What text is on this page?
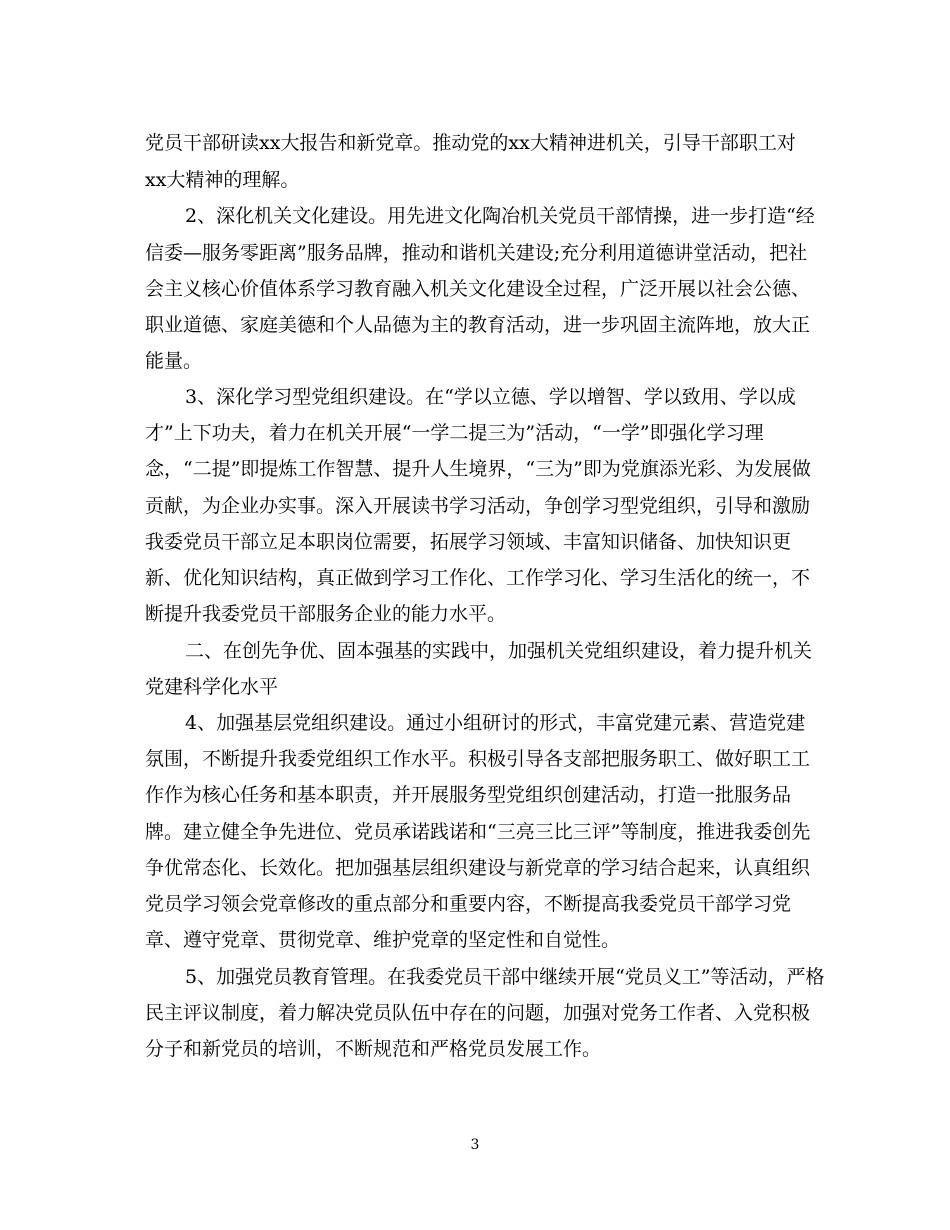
党员干部研读xx大报告和新党章。推动党的xx大精神进机关，引导干部职工对
xx大精神的理解。
2、深化机关文化建设。用先进文化陶冶机关党员干部情操，进一步打造“经
信委—服务零距离”服务品牌，推动和谐机关建设;充分利用道德讲堂活动，把社
会主义核心价值体系学习教育融入机关文化建设全过程，广泛开展以社会公德、
职业道德、家庭美德和个人品德为主的教育活动，进一步巩固主流阵地，放大正
能量。
3、深化学习型党组织建设。在“学以立德、学以增智、学以致用、学以成
才”上下功夫，着力在机关开展“一学二提三为”活动，“一学”即强化学习理
念，“二提”即提炼工作智慧、提升人生境界，“三为”即为党旗添光彩、为发展做
贡献，为企业办实事。深入开展读书学习活动，争创学习型党组织，引导和激励
我委党员干部立足本职岗位需要，拓展学习领域、丰富知识储备、加快知识更
新、优化知识结构，真正做到学习工作化、工作学习化、学习生活化的统一，不
断提升我委党员干部服务企业的能力水平。
二、在创先争优、固本强基的实践中，加强机关党组织建设，着力提升机关
党建科学化水平
4、加强基层党组织建设。通过小组研讨的形式，丰富党建元素、营造党建
氛围，不断提升我委党组织工作水平。积极引导各支部把服务职工、做好职工工
作作为核心任务和基本职责，并开展服务型党组织创建活动，打造一批服务品
牌。建立健全争先进位、党员承诺践诺和“三亮三比三评”等制度，推进我委创先
争优常态化、长效化。把加强基层组织建设与新党章的学习结合起来，认真组织
党员学习领会党章修改的重点部分和重要内容，不断提高我委党员干部学习党
章、遵守党章、贯彻党章、维护党章的坚定性和自觉性。
5、加强党员教育管理。在我委党员干部中继续开展“党员义工”等活动，严格
民主评议制度，着力解决党员队伍中存在的问题，加强对党务工作者、入党积极
分子和新党员的培训，不断规范和严格党员发展工作。
3
